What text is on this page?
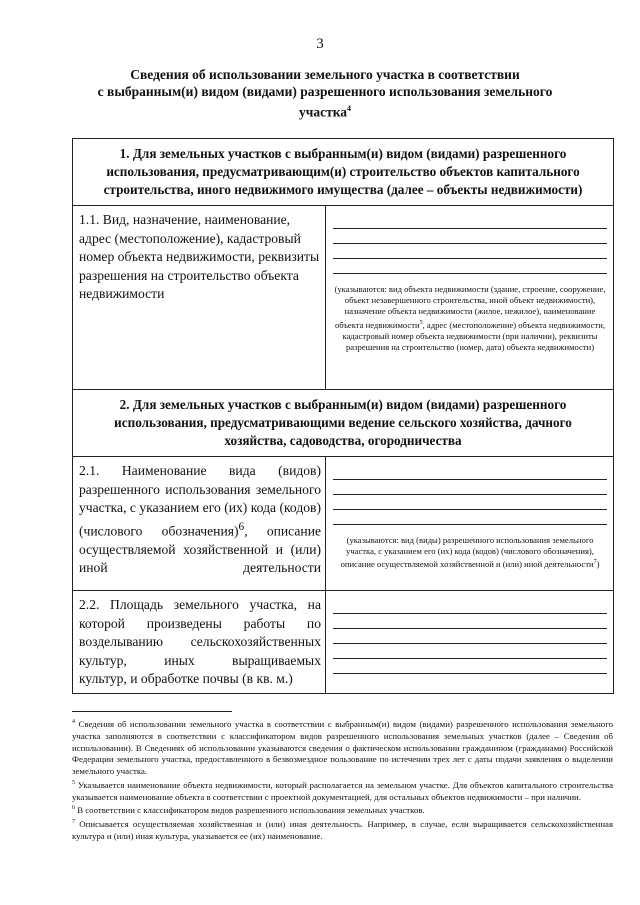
3
Сведения об использовании земельного участка в соответствии
с выбранным(и) видом (видами) разрешенного использования земельного
участка$^4$
1. Для земельных участков с выбранным(и) видом (видами) разрешенного использования, предусматривающим(и) строительство объектов капитального строительства, иного недвижимого имущества (далее – объекты недвижимости)	
1.1. Вид, назначение, наименование, адрес (местоположение), кадастровый номер объекта недвижимости, реквизиты разрешения на строительство объекта недвижимости	(указываются: вид объекта недвижимости (здание, строение, сооружение, объект незавершенного строительства, иной объект недвижимости), назначение объекта недвижимости (жилое, нежилое), наименование объекта недвижимости$^5$, адрес (местоположение) объекта недвижимости, кадастровый номер объекта недвижимости (при наличии), реквизиты разрешения на строительство (номер, дата) объекта недвижимости)

2. Для земельных участков с выбранным(и) видом (видами) разрешенного использования, предусматривающими ведение сельского хозяйства, дачного хозяйства, садоводства, огородничества	
2.1. Наименование вида (видов) разрешенного использования земельного участка, с указанием его (их) кода (кодов) (числового обозначения)$^6$, описание осуществляемой хозяйственной и (или) иной деятельности	(указываются: вид (виды) разрешенного использования земельного участка, с указанием его (их) кода (кодов) (числового обозначения), описание осуществляемой хозяйственной и (или) иной деятельности$^7$)

2.2. Площадь земельного участка, на которой произведены работы по возделыванию сельскохозяйственных культур, иных выращиваемых
культур, и обработке почвы (в кв. м.)	

$^4$ Сведения об использовании земельного участка в соответствии с выбранным(и) видом (видами) разрешенного использования земельного участка заполняются в соответствии с классификатором видов разрешенного использования земельных участков (далее – Сведения об использовании). В Сведениях об использовании указываются сведения о фактическом использовании гражданином (гражданами) Российской Федерации земельного участка, предоставленного в безвозмездное пользование по истечении трех лет с даты подачи заявления о выделении земельного участка.

$^5$ Указывается наименование объекта недвижимости, который располагается на земельном участке. Для объектов капитального строительства указывается наименование объекта в соответствии с проектной документацией, для остальных объектов недвижимости – при наличии.

$^6$ В соответствии с классификатором видов разрешенного использования земельных участков.

$^7$ Описывается осуществляемая хозяйственная и (или) иная деятельность. Например, в случае, если выращивается сельскохозяйственная культура и (или) иная культура, указывается ее (их) наименование.
